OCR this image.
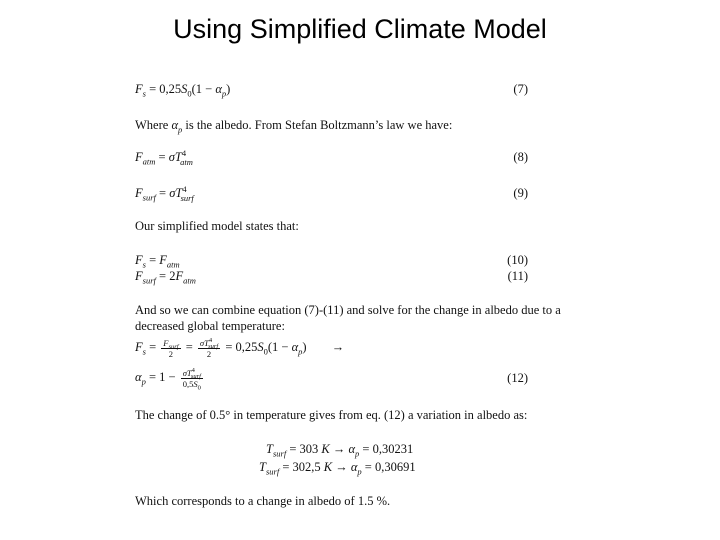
Using Simplified Climate Model
$F_s = 0,25S_0(1 - \alpha_p)$	(7)
Where $\alpha_p$ is the albedo. From Stefan Boltzmann’s law we have:
$F_{atm} = \sigma T^4_{atm}$	(8)
$F_{surf} = \sigma T^4_{surf}$	(9)
Our simplified model states that:
$F_s = F_{atm}$	(10)
$F_{surf} = 2F_{atm}$	(11)
And so we can combine equation (7)-(11) and solve for the change in albedo due to a
decreased global temperature:
$F_s = \frac{F_{surf}}{2} = \frac{\sigma T^4_{surf}}{2} = 0,25S_0(1 - \alpha_p)$ →
$\alpha_p = 1 - \frac{\sigma T^4_{surf}}{0,5S_0}$	(12)
The change of 0.5° in temperature gives from eq. (12) a variation in albedo as:
$T_{surf} = 303$ $K \to \alpha_p = 0,30231$
$T_{surf} = 302,5$ $K \to \alpha_p = 0,30691$
Which corresponds to a change in albedo of 1.5 %.
